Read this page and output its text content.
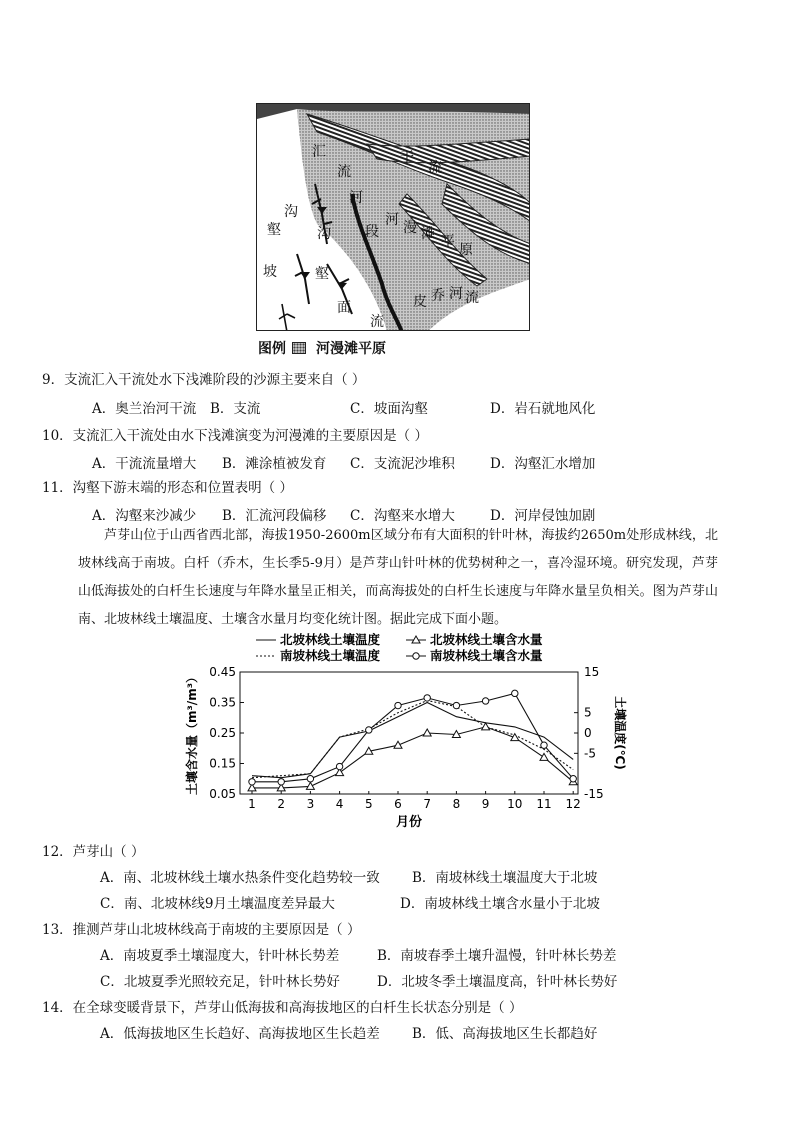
汇
流
河
段
干
流
沟
壑
坡
沟
壑
面
流
河 漫 滩 平 原
皮 乔 河 流
图例 河漫滩平原
9．支流汇入干流处水下浅滩阶段的沙源主要来自（ ）
A．奥兰治河干流 B．支流	C．坡面沟壑	D．岩石就地风化
10．支流汇入干流处由水下浅滩演变为河漫滩的主要原因是（ ）
A．干流流量增大 B．滩涂植被发育 C．支流泥沙堆积	D．沟壑汇水增加
11．沟壑下游末端的形态和位置表明（ ）
A．沟壑来沙减少 B．汇流河段偏移 C．沟壑来水增大	D．河岸侵蚀加剧

芦芽山位于山西省西北部，海拔1950-2600m区域分布有大面积的针叶林，海拔约2650m处形成林线，北坡林线高于南坡。白杄（乔木，生长季5-9月）是芦芽山针叶林的优势树种之一，喜冷湿环境。研究发现，芦芽山低海拔处的白杄生长速度与年降水量呈正相关，而高海拔处的白杄生长速度与年降水量呈负相关。图为芦芽山南、北坡林线土壤温度、土壤含水量月均变化统计图。据此完成下面小题。

0.45
0.35
0.25
0.15
0.05
15
5
0
-5
-15
1 2 3 4 5 6 7 8 9 10 11 12
月份
土壤含水量（m³/m³）	土壤温度(℃)
北坡林线土壤温度	北坡林线土壤含水量
南坡林线土壤温度	南坡林线土壤含水量
12．芦芽山（ ）
A．南、北坡林线土壤水热条件变化趋势较一致 B．南坡林线土壤温度大于北坡
C．南、北坡林线9月土壤温度差异最大	D．南坡林线土壤含水量小于北坡
13．推测芦芽山北坡林线高于南坡的主要原因是（ ）
A．南坡夏季土壤湿度大，针叶林长势差	B．南坡春季土壤升温慢，针叶林长势差
C．北坡夏季光照较充足，针叶林长势好	D．北坡冬季土壤温度高，针叶林长势好
14．在全球变暖背景下，芦芽山低海拔和高海拔地区的白杄生长状态分别是（ ）
A．低海拔地区生长趋好、高海拔地区生长趋差 B．低、高海拔地区生长都趋好
